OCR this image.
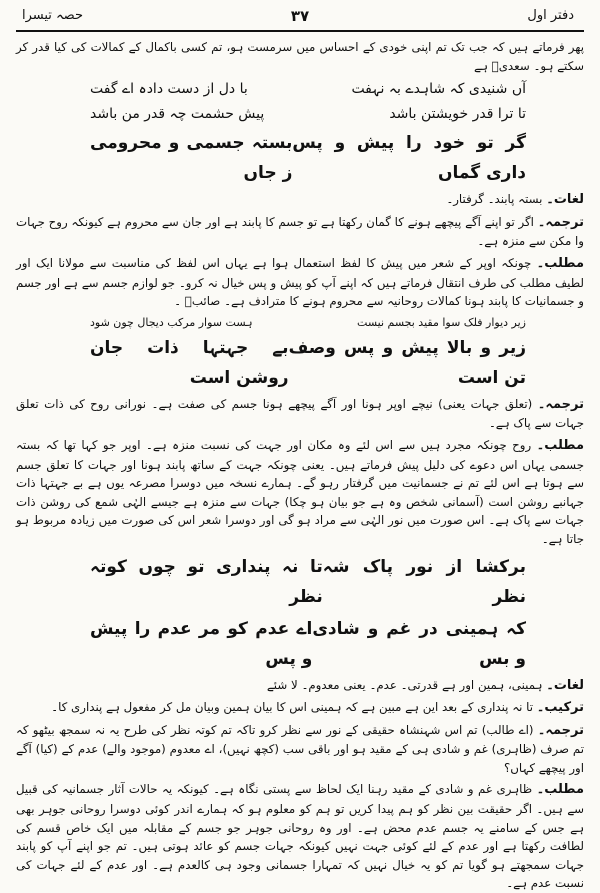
دفتر اول
۳۷
حصہ تیسرا

پھر فرماتے ہیں کہ جب تک تم اپنی خودی کے احساس میں سرمست ہو، تم کسی باکمال کے کمالات کی کیا قدر کر سکتے ہو۔ سعدیؒ ہے

آں شنیدی کہ شاہدے بہ نہفت
با دل از دست دادہ اے گفت
تا ترا قدر خویشتن باشد
پیش حشمت چہ قدر من باشد
گر تو خود را پیش و پس داری گماں
بستہ جسمی و محرومی ز جاں

لغات۔ بستہ پابند۔ گرفتار۔

ترجمہ۔ اگر تو اپنے آگے پیچھے ہونے کا گمان رکھتا ہے تو جسم کا پابند ہے اور جان سے محروم ہے کیونکہ روح جہات وا مکن سے منزہ ہے۔

مطلب۔ چونکہ اوپر کے شعر میں پیش کا لفظ استعمال ہوا ہے یہاں اس لفظ کی مناسبت سے مولانا ایک اور لطیف مطلب کی طرف انتقال فرماتے ہیں کہ اپنے آپ کو پیش و پس خیال نہ کرو۔ جو لوازم جسم سے ہے اور جسم و جسمانیات کا پابند ہونا کمالات روحانیہ سے محروم ہونے کا مترادف ہے۔ صائبؒ ۔

زیر دیوار فلک سوا مقید بجسم نیست
ہست سوار مرکب دیجال چون شود
زیر و بالا پیش و پس وصف تن است
بے جہتہا ذات جان روشن است

ترجمہ۔ (تعلق جہات یعنی) نیچے اوپر ہونا اور آگے پیچھے ہونا جسم کی صفت ہے۔ نورانی روح کی ذات تعلق جہات سے پاک ہے۔

مطلب۔ روح چونکہ مجرد ہیں سے اس لئے وہ مکان اور جہت کی نسبت منزہ ہے۔ اوپر جو کہا تھا کہ بستہ جسمی یہاں اس دعوے کی دلیل پیش فرماتے ہیں۔ یعنی چونکہ جہت کے ساتھ پابند ہونا اور جہات کا تعلق جسم سے ہوتا ہے اس لئے تم نے جسمانیت میں گرفتار رہو گے۔ ہمارے نسخہ میں دوسرا مصرعہ یوں ہے بے جہتہا ذات جہانبے روشن است (آسمانی شخص وہ ہے جو بیان ہو چکا) جہات سے منزہ ہے جیسے الہٰی شمع کی روشن ذات جہات سے پاک ہے۔ اس صورت میں نور الہٰی سے مراد ہو گی اور دوسرا شعر اس کی صورت میں زیادہ مربوط ہو جاتا ہے۔

برکشا از نور پاک شہ نظر
تا نہ پنداری تو چوں کوتہ نظر
کہ ہمینی در غم و شادی و بس
اے عدم کو مر عدم را پیش و پس

لغات۔ ہمینی، ہمین اور ہے قدرتی۔ عدم۔ یعنی معدوم۔ لا شئے

ترکیب۔ تا نہ پنداری کے بعد این ہے مبین ہے کہ ہمینی اس کا بیان ہمین وبیان مل کر مفعول ہے پنداری کا۔

ترجمہ۔ (اے طالب) تم اس شہنشاہ حقیقی کے نور سے نظر کرو تاکہ تم کوتہ نظر کی طرح یہ نہ سمجھ بیٹھو کہ تم صرف (ظاہری) غم و شادی ہی کے مقید ہو اور باقی سب (کچھ نہیں)، اے معدوم (موجود والے) عدم کے (کیا) آگے اور پیچھے کہاں؟

مطلب۔ ظاہری غم و شادی کے مقید رہنا ایک لحاظ سے پستی نگاہ ہے۔ کیونکہ یہ حالات آثار جسمانیہ کی قبیل سے ہیں۔ اگر حقیقت بین نظر کو ہم پیدا کریں تو ہم کو معلوم ہو کہ ہمارے اندر کوئی دوسرا روحانی جوہر بھی ہے جس کے سامنے یہ جسم عدم محض ہے۔ اور وہ روحانی جوہر جو جسم کے مقابلہ میں ایک خاص قسم کی لطافت رکھتا ہے اور عدم کے لئے کوئی جہت نہیں کیونکہ جہات جسم کو عائد ہوتی ہیں۔ تم جو اپنے آپ کو پابند جہات سمجھتے ہو گویا تم کو یہ خیال نہیں کہ تمہارا جسمانی وجود ہی کالعدم ہے۔ اور عدم کے لئے جہات کی نسبت عدم ہے۔
